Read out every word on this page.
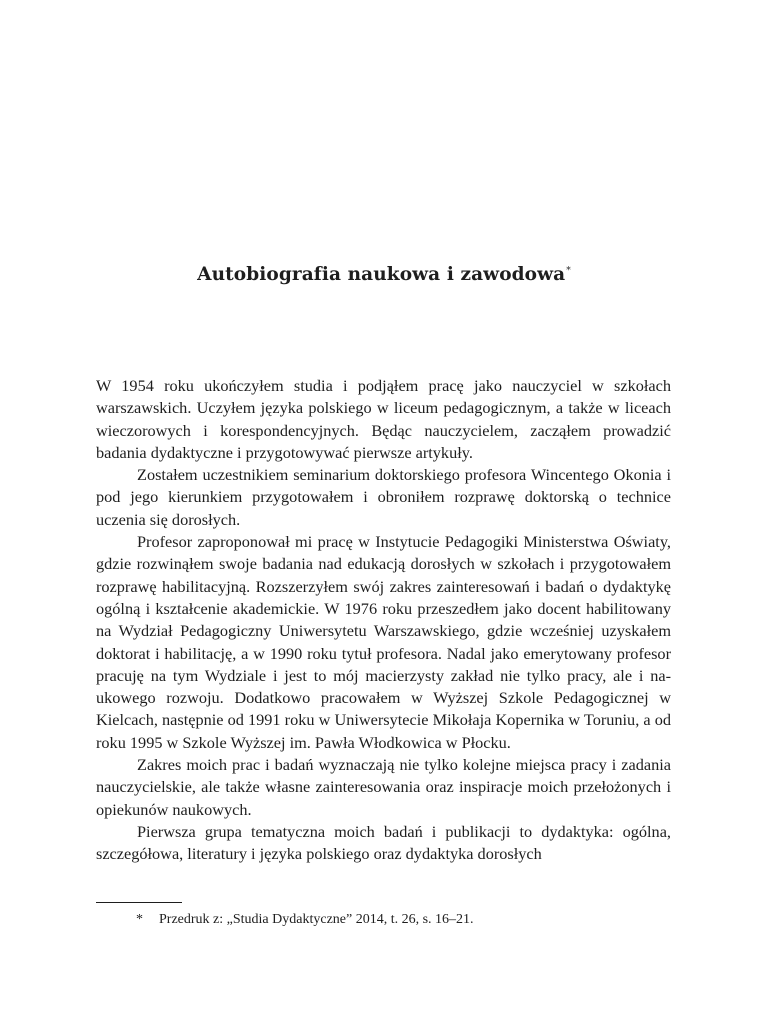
Autobiografia naukowa i zawodowa*

W 1954 roku ukończyłem studia i podjąłem pracę jako nauczyciel w szkołach warszawskich. Uczyłem języka polskiego w liceum pedagogicznym, a także w liceach wieczorowych i korespondencyjnych. Będąc nauczycielem, zacząłem prowadzić badania dydaktyczne i przygotowywać pierwsze artykuły.

Zostałem uczestnikiem seminarium doktorskiego profesora Wincentego Okonia i pod jego kierunkiem przygotowałem i obroniłem rozprawę doktorską o technice uczenia się dorosłych.

Profesor zaproponował mi pracę w Instytucie Pedagogiki Ministerstwa Oświaty, gdzie rozwinąłem swoje badania nad edukacją dorosłych w szkołach i przygotowałem rozprawę habilitacyjną. Rozszerzyłem swój zakres zainteresowań i badań o dydaktykę ogólną i kształcenie akademickie. W 1976 roku przeszedłem jako docent habilitowany na Wydział Pedagogiczny Uniwersytetu Warszawskiego, gdzie wcześniej uzyskałem doktorat i habilitację, a w 1990 roku tytuł profesora. Nadal jako emerytowany profesor pracuję na tym Wydziale i jest to mój macierzysty zakład nie tylko pracy, ale i naukowego rozwoju. Dodatkowo pracowałem w Wyższej Szkole Pedagogicznej w Kielcach, następnie od 1991 roku w Uniwersytecie Mikołaja Kopernika w Toruniu, a od roku 1995 w Szkole Wyższej im. Pawła Włodkowica w Płocku.

Zakres moich prac i badań wyznaczają nie tylko kolejne miejsca pracy i zadania nauczycielskie, ale także własne zainteresowania oraz inspiracje moich przełożonych i opiekunów naukowych.

Pierwsza grupa tematyczna moich badań i publikacji to dydaktyka: ogólna, szczegółowa, literatury i języka polskiego oraz dydaktyka dorosłych

* Przedruk z: „Studia Dydaktyczne” 2014, t. 26, s. 16–21.
